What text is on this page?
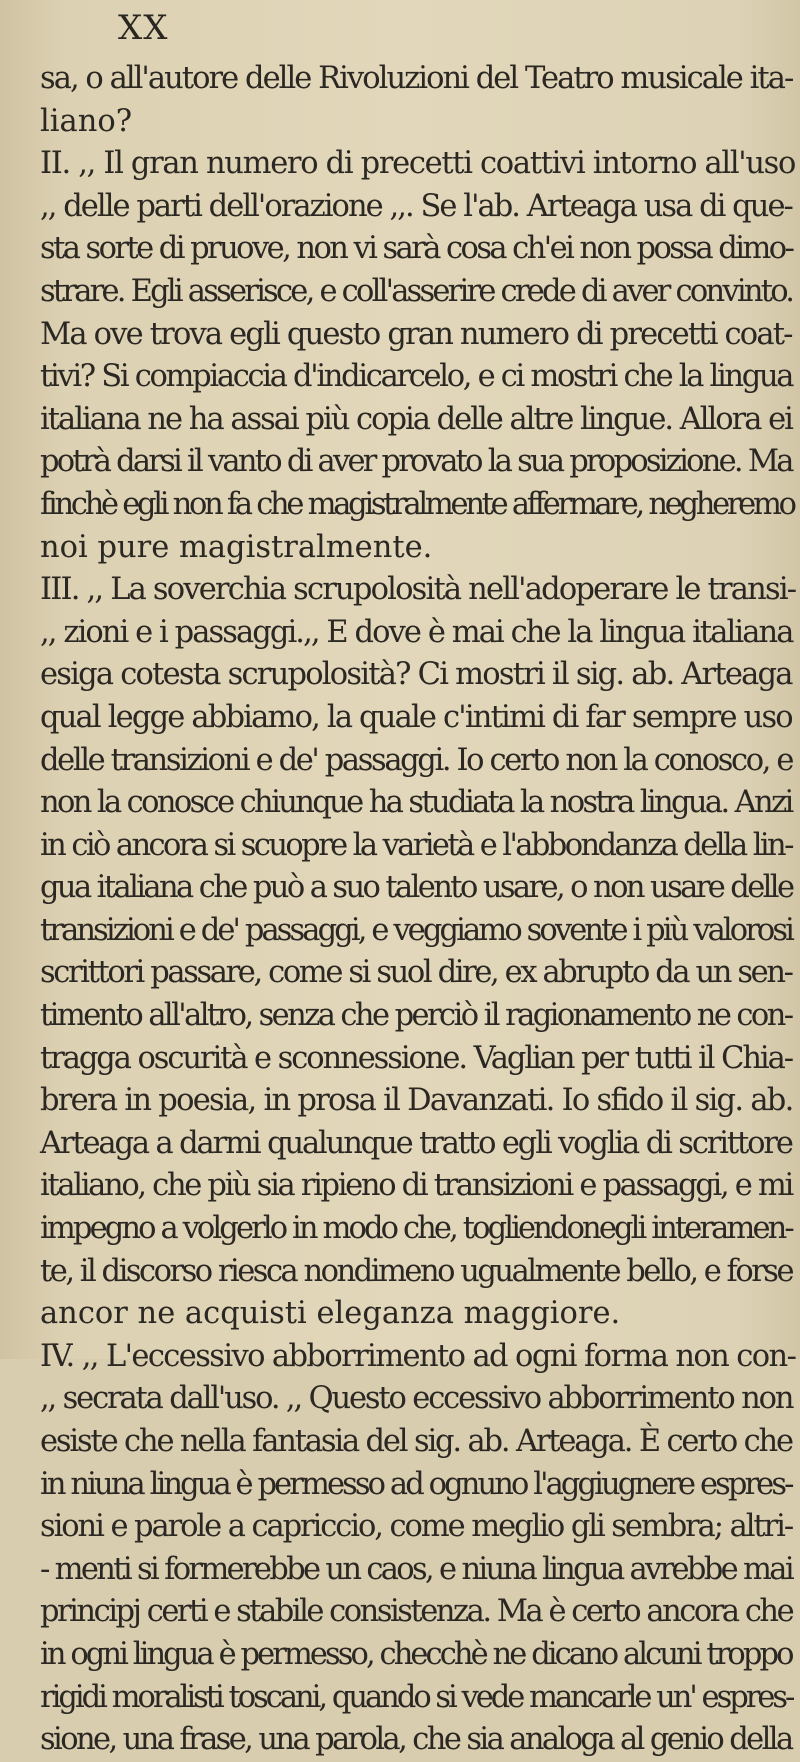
XX
sa, o all'autore delle Rivoluzioni del Teatro musicale ita-
liano?
II. ,, Il gran numero di precetti coattivi intorno all'uso
,, delle parti dell'orazione ,,. Se l'ab. Arteaga usa di que-
sta sorte di pruove, non vi sarà cosa ch'ei non possa dimo-
strare. Egli asserisce, e coll'asserire crede di aver convinto.
Ma ove trova egli questo gran numero di precetti coat-
tivi? Si compiaccia d'indicarcelo, e ci mostri che la lingua
italiana ne ha assai più copia delle altre lingue. Allora ei
potrà darsi il vanto di aver provato la sua proposizione. Ma
finchè egli non fa che magistralmente affermare, negheremo
noi pure magistralmente.
III. ,, La soverchia scrupolosità nell'adoperare le transi-
,, zioni e i passaggi.,, E dove è mai che la lingua italiana
esiga cotesta scrupolosità? Ci mostri il sig. ab. Arteaga
qual legge abbiamo, la quale c'intimi di far sempre uso
delle transizioni e de' passaggi. Io certo non la conosco, e
non la conosce chiunque ha studiata la nostra lingua. Anzi
in ciò ancora si scuopre la varietà e l'abbondanza della lin-
gua italiana che può a suo talento usare, o non usare delle
transizioni e de' passaggi, e veggiamo sovente i più valorosi
scrittori passare, come si suol dire, ex abrupto da un sen-
timento all'altro, senza che perciò il ragionamento ne con-
tragga oscurità e sconnessione. Vaglian per tutti il Chia-
brera in poesia, in prosa il Davanzati. Io sfido il sig. ab.
Arteaga a darmi qualunque tratto egli voglia di scrittore
italiano, che più sia ripieno di transizioni e passaggi, e mi
impegno a volgerlo in modo che, togliendonegli interamen-
te, il discorso riesca nondimeno ugualmente bello, e forse
ancor ne acquisti eleganza maggiore.
IV. ,, L'eccessivo abborrimento ad ogni forma non con-
,, secrata dall'uso. ,, Questo eccessivo abborrimento non
esiste che nella fantasia del sig. ab. Arteaga. È certo che
in niuna lingua è permesso ad ognuno l'aggiugnere espres-
sioni e parole a capriccio, come meglio gli sembra; altri-
- menti si formerebbe un caos, e niuna lingua avrebbe mai
principj certi e stabile consistenza. Ma è certo ancora che
in ogni lingua è permesso, checchè ne dicano alcuni troppo
rigidi moralisti toscani, quando si vede mancarle un' espres-
sione, una frase, una parola, che sia analoga al genio della
